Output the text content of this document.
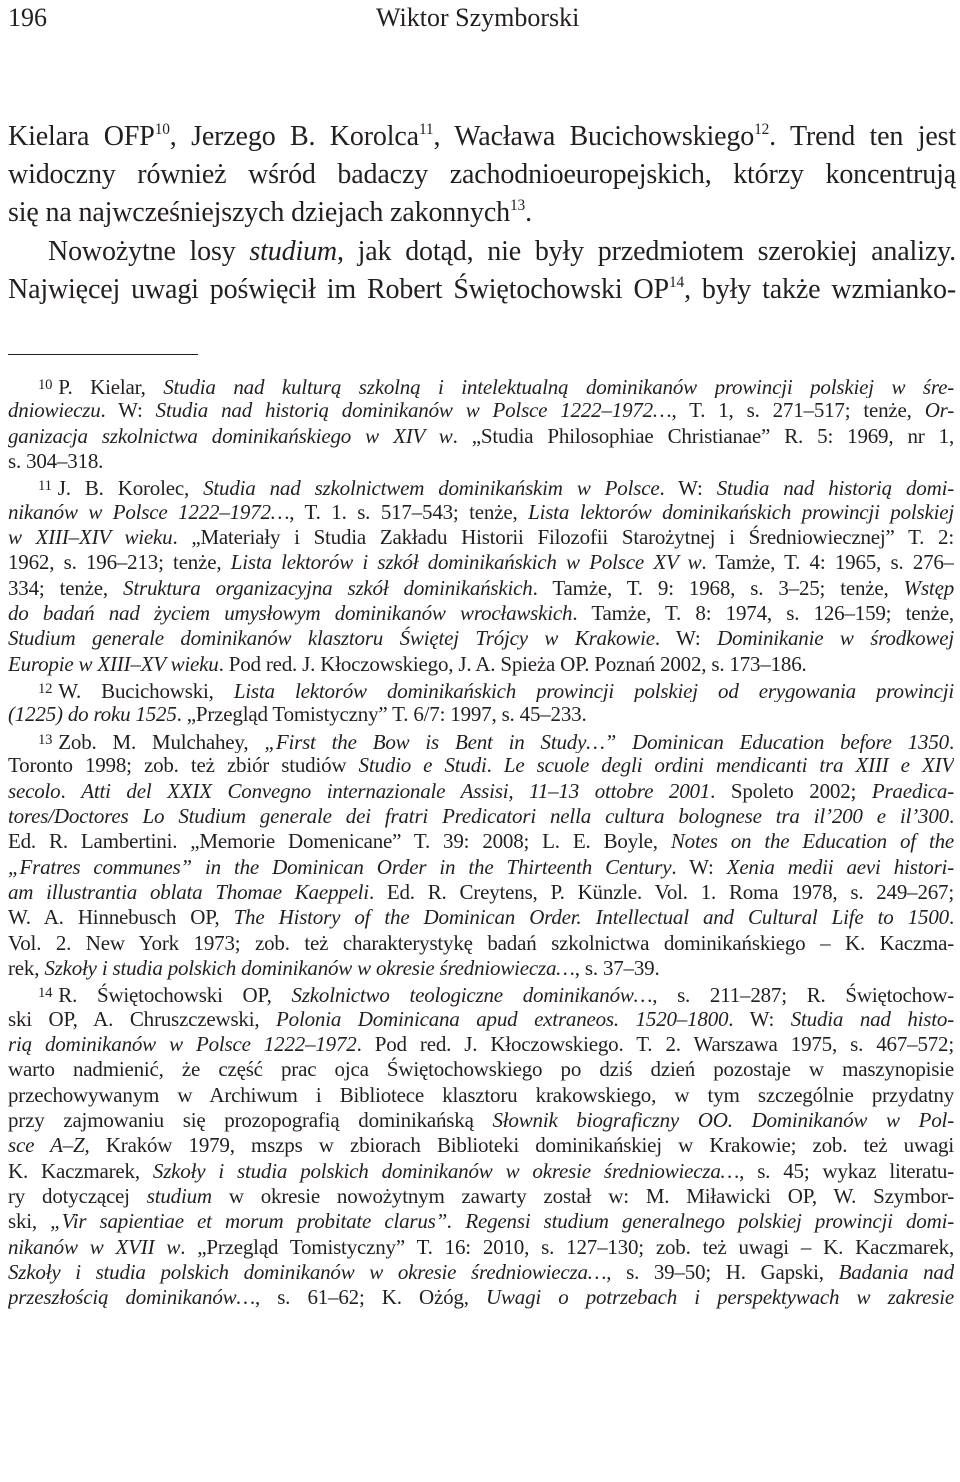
196	Wiktor Szymborski
Kielara OFP$^{10}$, Jerzego B. Korolca$^{11}$, Wacława Bucichowskiego$^{12}$. Trend ten jest
widoczny również wśród badaczy zachodnioeuropejskich, którzy koncentrują
się na najwcześniejszych dziejach zakonnych$^{13}$.
Nowożytne losy studium, jak dotąd, nie były przedmiotem szerokiej analizy.
Najwięcej uwagi poświęcił im Robert Świętochowski OP$^{14}$, były także wzmianko-
$^{10}$ P. Kielar, Studia nad kulturą szkolną i intelektualną dominikanów prowincji polskiej w śre-
dniowieczu. W: Studia nad historią dominikanów w Polsce 1222–1972…, T. 1, s. 271–517; tenże, Or-
ganizacja szkolnictwa dominikańskiego w XIV w. „Studia Philosophiae Christianae” R. 5: 1969, nr 1,
s. 304–318.
$^{11}$ J. B. Korolec, Studia nad szkolnictwem dominikańskim w Polsce. W: Studia nad historią domi-
nikanów w Polsce 1222–1972…, T. 1. s. 517–543; tenże, Lista lektorów dominikańskich prowincji polskiej
w XIII–XIV wieku. „Materiały i Studia Zakładu Historii Filozofii Starożytnej i Średniowiecznej” T. 2:
1962, s. 196–213; tenże, Lista lektorów i szkół dominikańskich w Polsce XV w. Tamże, T. 4: 1965, s. 276–
334; tenże, Struktura organizacyjna szkół dominikańskich. Tamże, T. 9: 1968, s. 3–25; tenże, Wstęp
do badań nad życiem umysłowym dominikanów wrocławskich. Tamże, T. 8: 1974, s. 126–159; tenże,
Studium generale dominikanów klasztoru Świętej Trójcy w Krakowie. W: Dominikanie w środkowej
Europie w XIII–XV wieku. Pod red. J. Kłoczowskiego, J. A. Spieża OP. Poznań 2002, s. 173–186.
$^{12}$ W. Bucichowski, Lista lektorów dominikańskich prowincji polskiej od erygowania prowincji
(1225) do roku 1525. „Przegląd Tomistyczny” T. 6/7: 1997, s. 45–233.
$^{13}$ Zob. M. Mulchahey, „First the Bow is Bent in Study…” Dominican Education before 1350.
Toronto 1998; zob. też zbiór studiów Studio e Studi. Le scuole degli ordini mendicanti tra XIII e XIV
secolo. Atti del XXIX Convegno internazionale Assisi, 11–13 ottobre 2001. Spoleto 2002; Praedica-
tores/Doctores Lo Studium generale dei fratri Predicatori nella cultura bolognese tra il’200 e il’300.
Ed. R. Lambertini. „Memorie Domenicane” T. 39: 2008; L. E. Boyle, Notes on the Education of the
„Fratres communes” in the Dominican Order in the Thirteenth Century. W: Xenia medii aevi histori-
am illustrantia oblata Thomae Kaeppeli. Ed. R. Creytens, P. Künzle. Vol. 1. Roma 1978, s. 249–267;
W. A. Hinnebusch OP, The History of the Dominican Order. Intellectual and Cultural Life to 1500.
Vol. 2. New York 1973; zob. też charakterystykę badań szkolnictwa dominikańskiego – K. Kaczma-
rek, Szkoły i studia polskich dominikanów w okresie średniowiecza…, s. 37–39.
$^{14}$ R. Świętochowski OP, Szkolnictwo teologiczne dominikanów…, s. 211–287; R. Świętochow-
ski OP, A. Chruszczewski, Polonia Dominicana apud extraneos. 1520–1800. W: Studia nad histo-
rią dominikanów w Polsce 1222–1972. Pod red. J. Kłoczowskiego. T. 2. Warszawa 1975, s. 467–572;
warto nadmienić, że część prac ojca Świętochowskiego po dziś dzień pozostaje w maszynopisie
przechowywanym w Archiwum i Bibliotece klasztoru krakowskiego, w tym szczególnie przydatny
przy zajmowaniu się prozopografią dominikańską Słownik biograficzny OO. Dominikanów w Pol-
sce A–Z, Kraków 1979, mszps w zbiorach Biblioteki dominikańskiej w Krakowie; zob. też uwagi
K. Kaczmarek, Szkoły i studia polskich dominikanów w okresie średniowiecza…, s. 45; wykaz literatu-
ry dotyczącej studium w okresie nowożytnym zawarty został w: M. Miławicki OP, W. Szymbor-
ski, „Vir sapientiae et morum probitate clarus”. Regensi studium generalnego polskiej prowincji domi-
nikanów w XVII w. „Przegląd Tomistyczny” T. 16: 2010, s. 127–130; zob. też uwagi – K. Kaczmarek,
Szkoły i studia polskich dominikanów w okresie średniowiecza…, s. 39–50; H. Gapski, Badania nad
przeszłością dominikanów…, s. 61–62; K. Ożóg, Uwagi o potrzebach i perspektywach w zakresie
